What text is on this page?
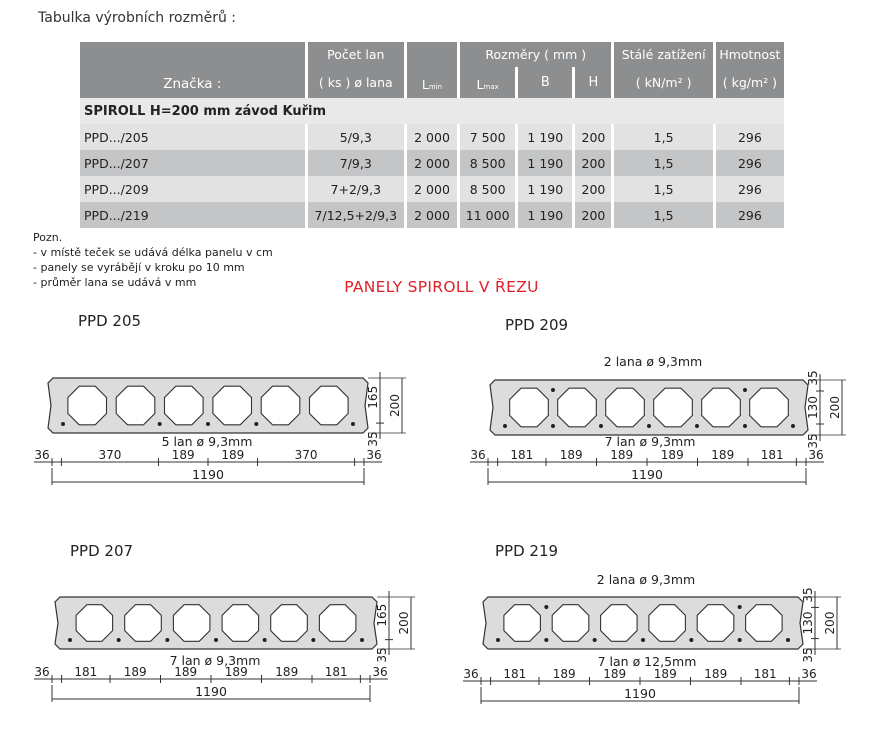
Tabulka výrobních rozměrů :
Značka :	Počet lan	Lmin	Rozměry ( mm )			Stálé zatížení	Hmotnost
	( ks ) ø lana		Lmax	B	H	( kN/m² )	( kg/m² )
SPIROLL H=200 mm závod Kuřim							
PPD.../205	5/9,3	2 000	7 500	1 190	200	1,5	296
PPD.../207	7/9,3	2 000	8 500	1 190	200	1,5	296
PPD.../209	7+2/9,3	2 000	8 500	1 190	200	1,5	296
PPD.../219	7/12,5+2/9,3	2 000	11 000	1 190	200	1,5	296
Pozn.
- v místě teček se udává délka panelu v cm
- panely se vyrábějí v kroku po 10 mm
- průměr lana se udává v mm	PANELY SPIROLL V ŘEZU
PPD 205
5 lan ø 9,3mm
36	370	189 189	370	36
1190
165
35
200
PPD 209
2 lana ø 9,3mm
7 lan ø 9,3mm
36 181 189 189 189 189 181 36
1190
35
130
35
200
PPD 207
7 lan ø 9,3mm
36 181 189 189 189 189 181 36
1190
165
35
200
PPD 219
2 lana ø 9,3mm
7 lan ø 12,5mm
36 181 189 189 189 189 181 36
1190
35
130
35
200
